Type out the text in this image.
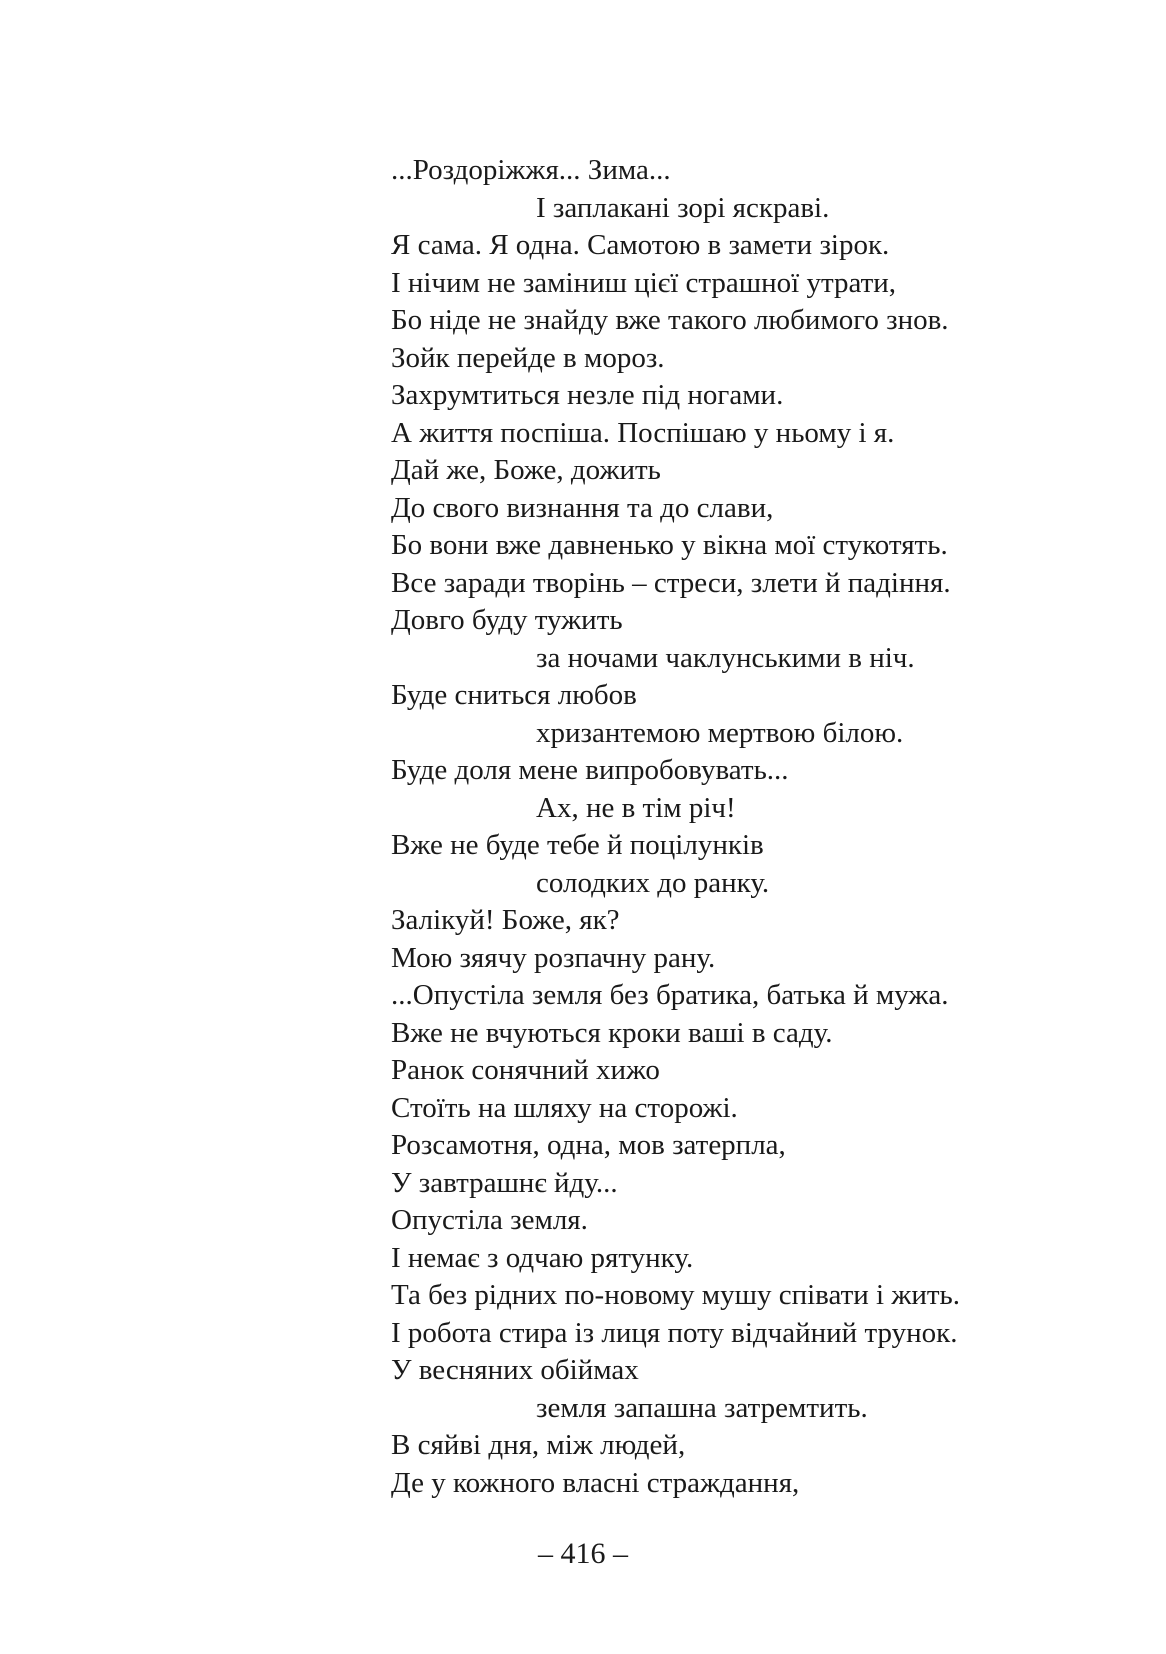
...Роздоріжжя... Зима...
І заплакані зорі яскраві.
Я сама. Я одна. Самотою в замети зірок.
І нічим не заміниш цієї страшної утрати,
Бо ніде не знайду вже такого любимого знов.
Зойк перейде в мороз.
Захрумтиться незле під ногами.
А життя поспіша. Поспішаю у ньому і я.
Дай же, Боже, дожить
До свого визнання та до слави,
Бо вони вже давненько у вікна мої стукотять.
Все заради творінь – стреси, злети й падіння.
Довго буду тужить
за ночами чаклунськими в ніч.
Буде сниться любов
хризантемою мертвою білою.
Буде доля мене випробовувать...
Ах, не в тім річ!
Вже не буде тебе й поцілунків
солодких до ранку.
Залікуй! Боже, як?
Мою зяячу розпачну рану.
...Опустіла земля без братика, батька й мужа.
Вже не вчуються кроки ваші в саду.
Ранок сонячний хижо
Стоїть на шляху на сторожі.
Розсамотня, одна, мов затерпла,
У завтрашнє йду...
Опустіла земля.
І немає з одчаю рятунку.
Та без рідних по-новому мушу співати і жить.
І робота стира із лиця поту відчайний трунок.
У весняних обіймах
земля запашна затремтить.
В сяйві дня, між людей,
Де у кожного власні страждання,
– 416 –
